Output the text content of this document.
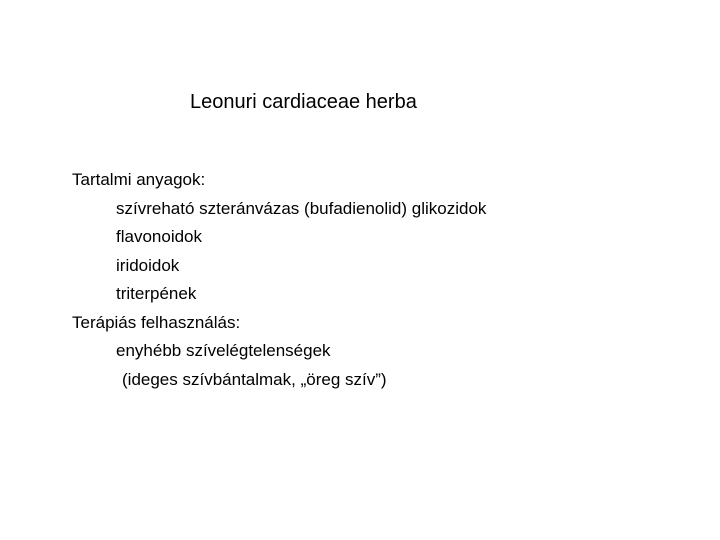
Leonuri cardiaceae herba
Tartalmi anyagok:
szívreható szteránvázas (bufadienolid) glikozidok
flavonoidok
iridoidok
triterpének
Terápiás felhasználás:
enyhébb szívelégtelenségek
(ideges szívbántalmak, „öreg szív”)
